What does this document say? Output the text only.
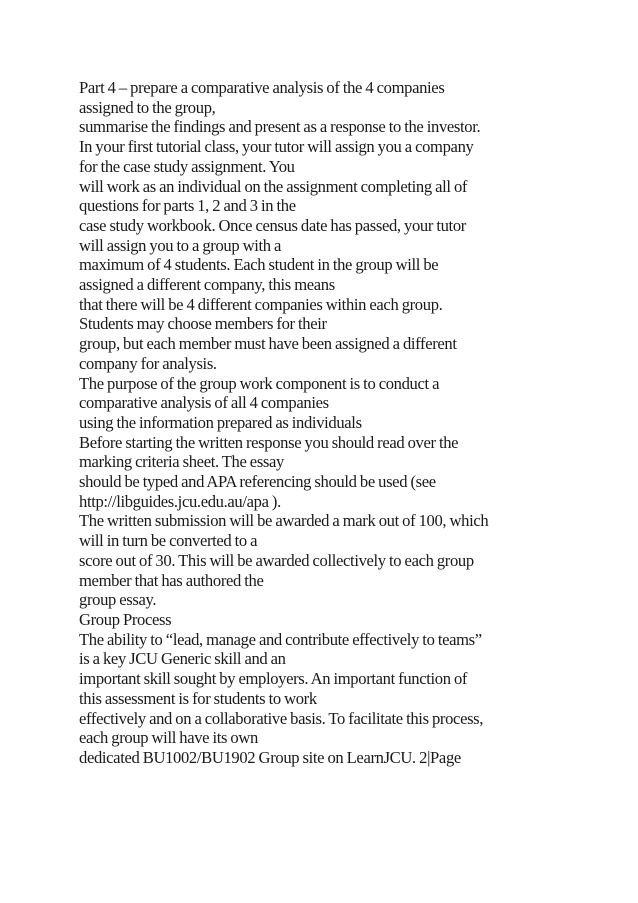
Part 4 – prepare a comparative analysis of the 4 companies
assigned to the group,
summarise the findings and present as a response to the investor.
In your first tutorial class, your tutor will assign you a company
for the case study assignment. You
will work as an individual on the assignment completing all of
questions for parts 1, 2 and 3 in the
case study workbook. Once census date has passed, your tutor
will assign you to a group with a
maximum of 4 students. Each student in the group will be
assigned a different company, this means
that there will be 4 different companies within each group.
Students may choose members for their
group, but each member must have been assigned a different
company for analysis.
The purpose of the group work component is to conduct a
comparative analysis of all 4 companies
using the information prepared as individuals
Before starting the written response you should read over the
marking criteria sheet. The essay
should be typed and APA referencing should be used (see
http://libguides.jcu.edu.au/apa ).
The written submission will be awarded a mark out of 100, which
will in turn be converted to a
score out of 30. This will be awarded collectively to each group
member that has authored the
group essay.
Group Process
The ability to “lead, manage and contribute effectively to teams”
is a key JCU Generic skill and an
important skill sought by employers. An important function of
this assessment is for students to work
effectively and on a collaborative basis. To facilitate this process,
each group will have its own
dedicated BU1002/BU1902 Group site on LearnJCU. 2|Page
